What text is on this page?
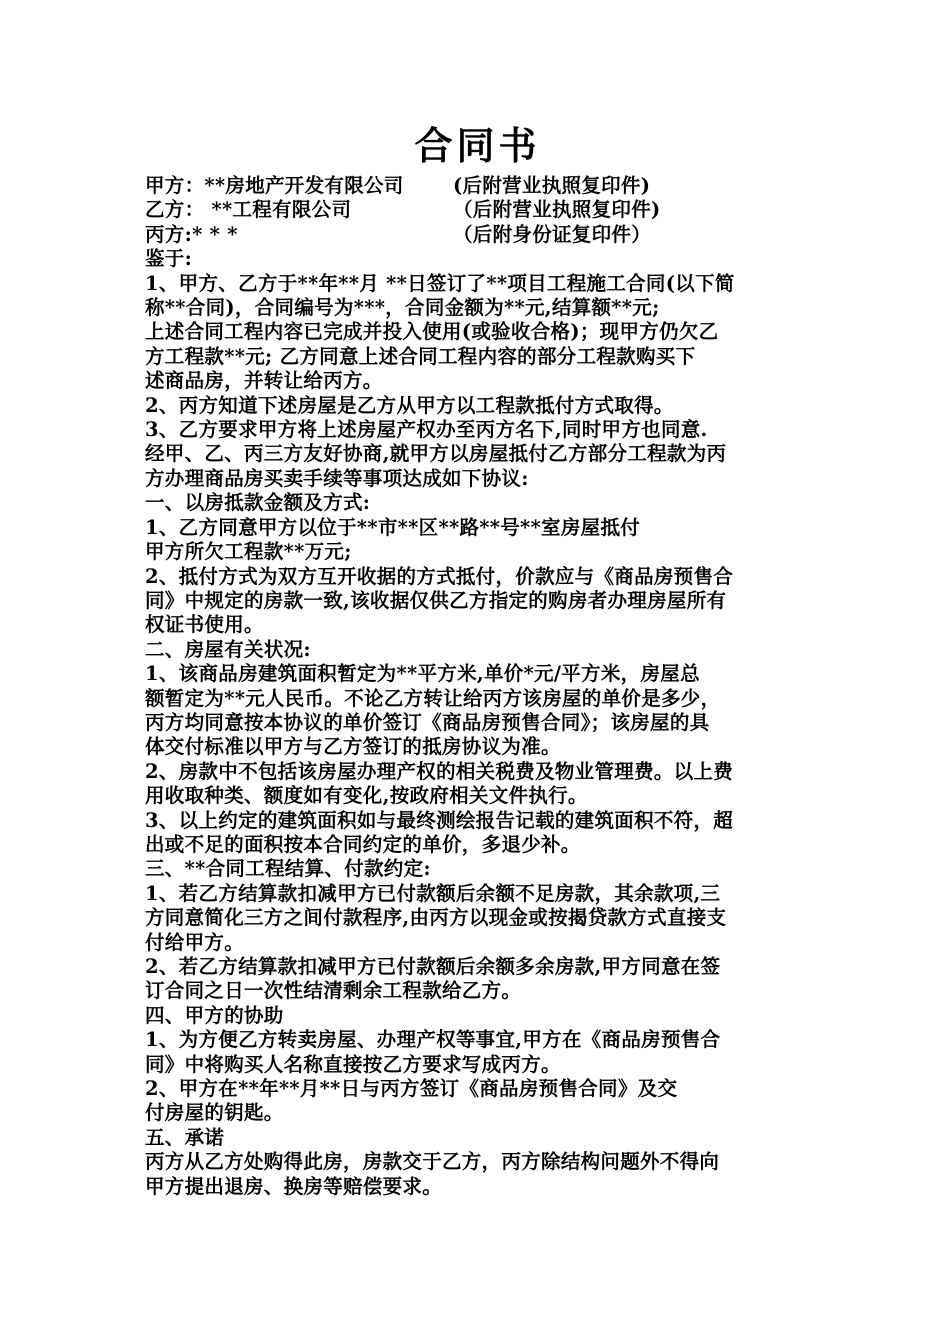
合同书
甲方：**房地产开发有限公司	(后附营业执照复印件)
乙方： **工程有限公司	（后附营业执照复印件)
丙方:* * *	（后附身份证复印件）
鉴于:
1、甲方、乙方于**年**月 **日签订了**项目工程施工合同(以下简
称**合同)，合同编号为***，合同金额为**元,结算额**元;
上述合同工程内容已完成并投入使用(或验收合格)；现甲方仍欠乙
方工程款**元; 乙方同意上述合同工程内容的部分工程款购买下
述商品房，并转让给丙方。
2、丙方知道下述房屋是乙方从甲方以工程款抵付方式取得。
3、乙方要求甲方将上述房屋产权办至丙方名下,同时甲方也同意.
经甲、乙、丙三方友好协商,就甲方以房屋抵付乙方部分工程款为丙
方办理商品房买卖手续等事项达成如下协议:
一、以房抵款金额及方式:
1、乙方同意甲方以位于**市**区**路**号**室房屋抵付
甲方所欠工程款**万元;
2、抵付方式为双方互开收据的方式抵付，价款应与《商品房预售合
同》中规定的房款一致,该收据仅供乙方指定的购房者办理房屋所有
权证书使用。
二、房屋有关状况:
1、该商品房建筑面积暂定为**平方米,单价*元/平方米，房屋总
额暂定为**元人民币。不论乙方转让给丙方该房屋的单价是多少，
丙方均同意按本协议的单价签订《商品房预售合同》；该房屋的具
体交付标准以甲方与乙方签订的抵房协议为准。
2、房款中不包括该房屋办理产权的相关税费及物业管理费。以上费
用收取种类、额度如有变化,按政府相关文件执行。
3、以上约定的建筑面积如与最终测绘报告记载的建筑面积不符，超
出或不足的面积按本合同约定的单价，多退少补。
三、**合同工程结算、付款约定:
1、若乙方结算款扣减甲方已付款额后余额不足房款，其余款项,三
方同意简化三方之间付款程序,由丙方以现金或按揭贷款方式直接支
付给甲方。
2、若乙方结算款扣减甲方已付款额后余额多余房款,甲方同意在签
订合同之日一次性结清剩余工程款给乙方。
四、甲方的协助
1、为方便乙方转卖房屋、办理产权等事宜,甲方在《商品房预售合
同》中将购买人名称直接按乙方要求写成丙方。
2、甲方在**年**月**日与丙方签订《商品房预售合同》及交
付房屋的钥匙。
五、承诺
丙方从乙方处购得此房，房款交于乙方，丙方除结构问题外不得向
甲方提出退房、换房等赔偿要求。
